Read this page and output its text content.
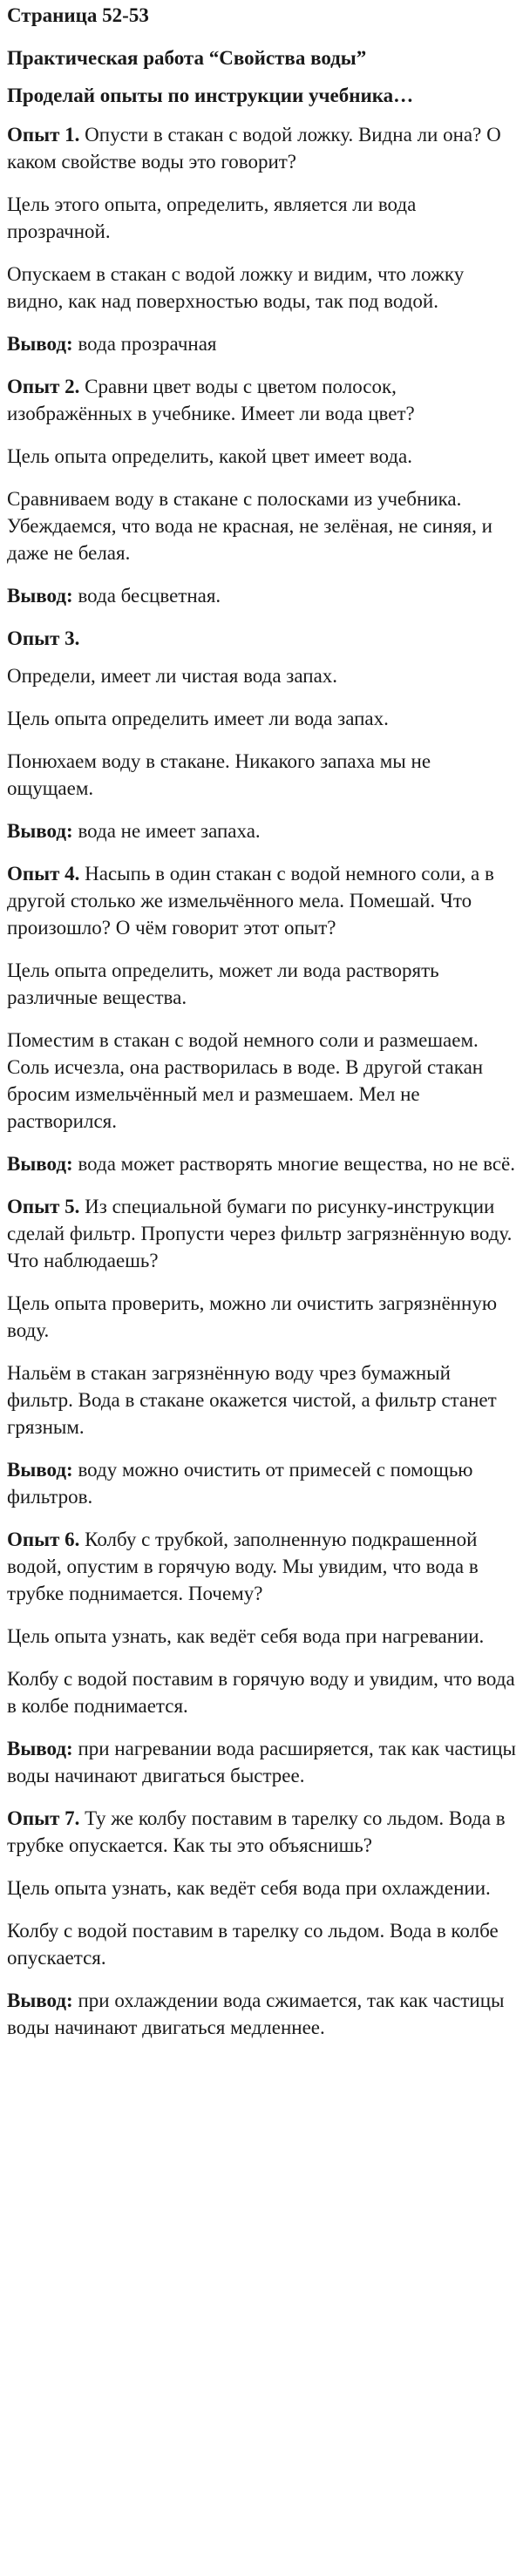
Страница 52-53
Практическая работа “Свойства воды”
Проделай опыты по инструкции учебника…

Опыт 1. Опусти в стакан с водой ложку. Видна ли она? О каком свойстве воды это говорит?

Цель этого опыта, определить, является ли вода прозрачной.

Опускаем в стакан с водой ложку и видим, что ложку видно, как над поверхностью воды, так под водой.

Вывод: вода прозрачная

Опыт 2. Сравни цвет воды с цветом полосок, изображённых в учебнике. Имеет ли вода цвет?

Цель опыта определить, какой цвет имеет вода.

Сравниваем воду в стакане с полосками из учебника. Убеждаемся, что вода не красная, не зелёная, не синяя, и даже не белая.

Вывод: вода бесцветная.

Опыт 3.

Определи, имеет ли чистая вода запах.

Цель опыта определить имеет ли вода запах.

Понюхаем воду в стакане. Никакого запаха мы не ощущаем.

Вывод: вода не имеет запаха.

Опыт 4. Насыпь в один стакан с водой немного соли, а в другой столько же измельчённого мела. Помешай. Что произошло? О чём говорит этот опыт?

Цель опыта определить, может ли вода растворять различные вещества.

Поместим в стакан с водой немного соли и размешаем. Соль исчезла, она растворилась в воде. В другой стакан бросим измельчённый мел и размешаем. Мел не растворился.

Вывод: вода может растворять многие вещества, но не всё.

Опыт 5. Из специальной бумаги по рисунку-инструкции сделай фильтр. Пропусти через фильтр загрязнённую воду. Что наблюдаешь?

Цель опыта проверить, можно ли очистить загрязнённую воду.

Нальём в стакан загрязнённую воду чрез бумажный фильтр. Вода в стакане окажется чистой, а фильтр станет грязным.

Вывод: воду можно очистить от примесей с помощью фильтров.

Опыт 6. Колбу с трубкой, заполненную подкрашенной водой, опустим в горячую воду. Мы увидим, что вода в трубке поднимается. Почему?

Цель опыта узнать, как ведёт себя вода при нагревании.

Колбу с водой поставим в горячую воду и увидим, что вода в колбе поднимается.

Вывод: при нагревании вода расширяется, так как частицы воды начинают двигаться быстрее.

Опыт 7. Ту же колбу поставим в тарелку со льдом. Вода в трубке опускается. Как ты это объяснишь?

Цель опыта узнать, как ведёт себя вода при охлаждении.

Колбу с водой поставим в тарелку со льдом. Вода в колбе опускается.

Вывод: при охлаждении вода сжимается, так как частицы воды начинают двигаться медленнее.
